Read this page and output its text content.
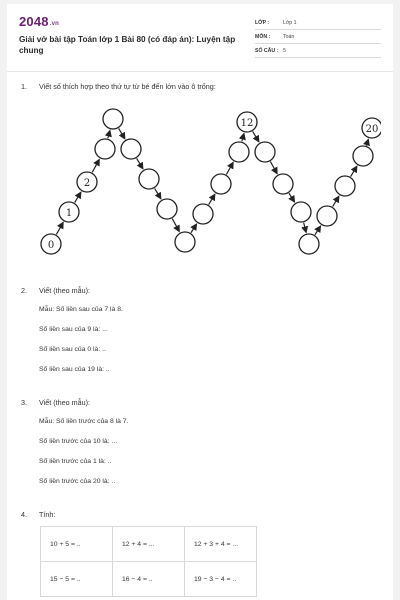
2048.vn
Giải vở bài tập Toán lớp 1 Bài 80 (có đáp án): Luyện tập chung
LỚP :	Lớp 1
MÔN : Toán
SỐ CÂU : 5
1.	Viết số thích hợp theo thứ tự từ bé đến lớn vào ô trống:
0
1
2
12
20
2.	Viết (theo mẫu):
Mẫu: Số liền sau của 7 là 8.
Số liền sau của 9 là: ...
Số liền sau của 0 là: ..
Số liền sau của 19 là: ..
3.	Viết (theo mẫu):
Mẫu: Số liền trước của 8 là 7.
Số liền trước của 10 là: ...
Số liền trước của 1 là: ..
Số liền trước của 20 là: ..
4.	Tính:
10 + 5 = ..	12 + 4 = ...	12 + 3 + 4 = ...
15 − 5 = ..	16 − 4 = ..	19 − 3 − 4 = ..
